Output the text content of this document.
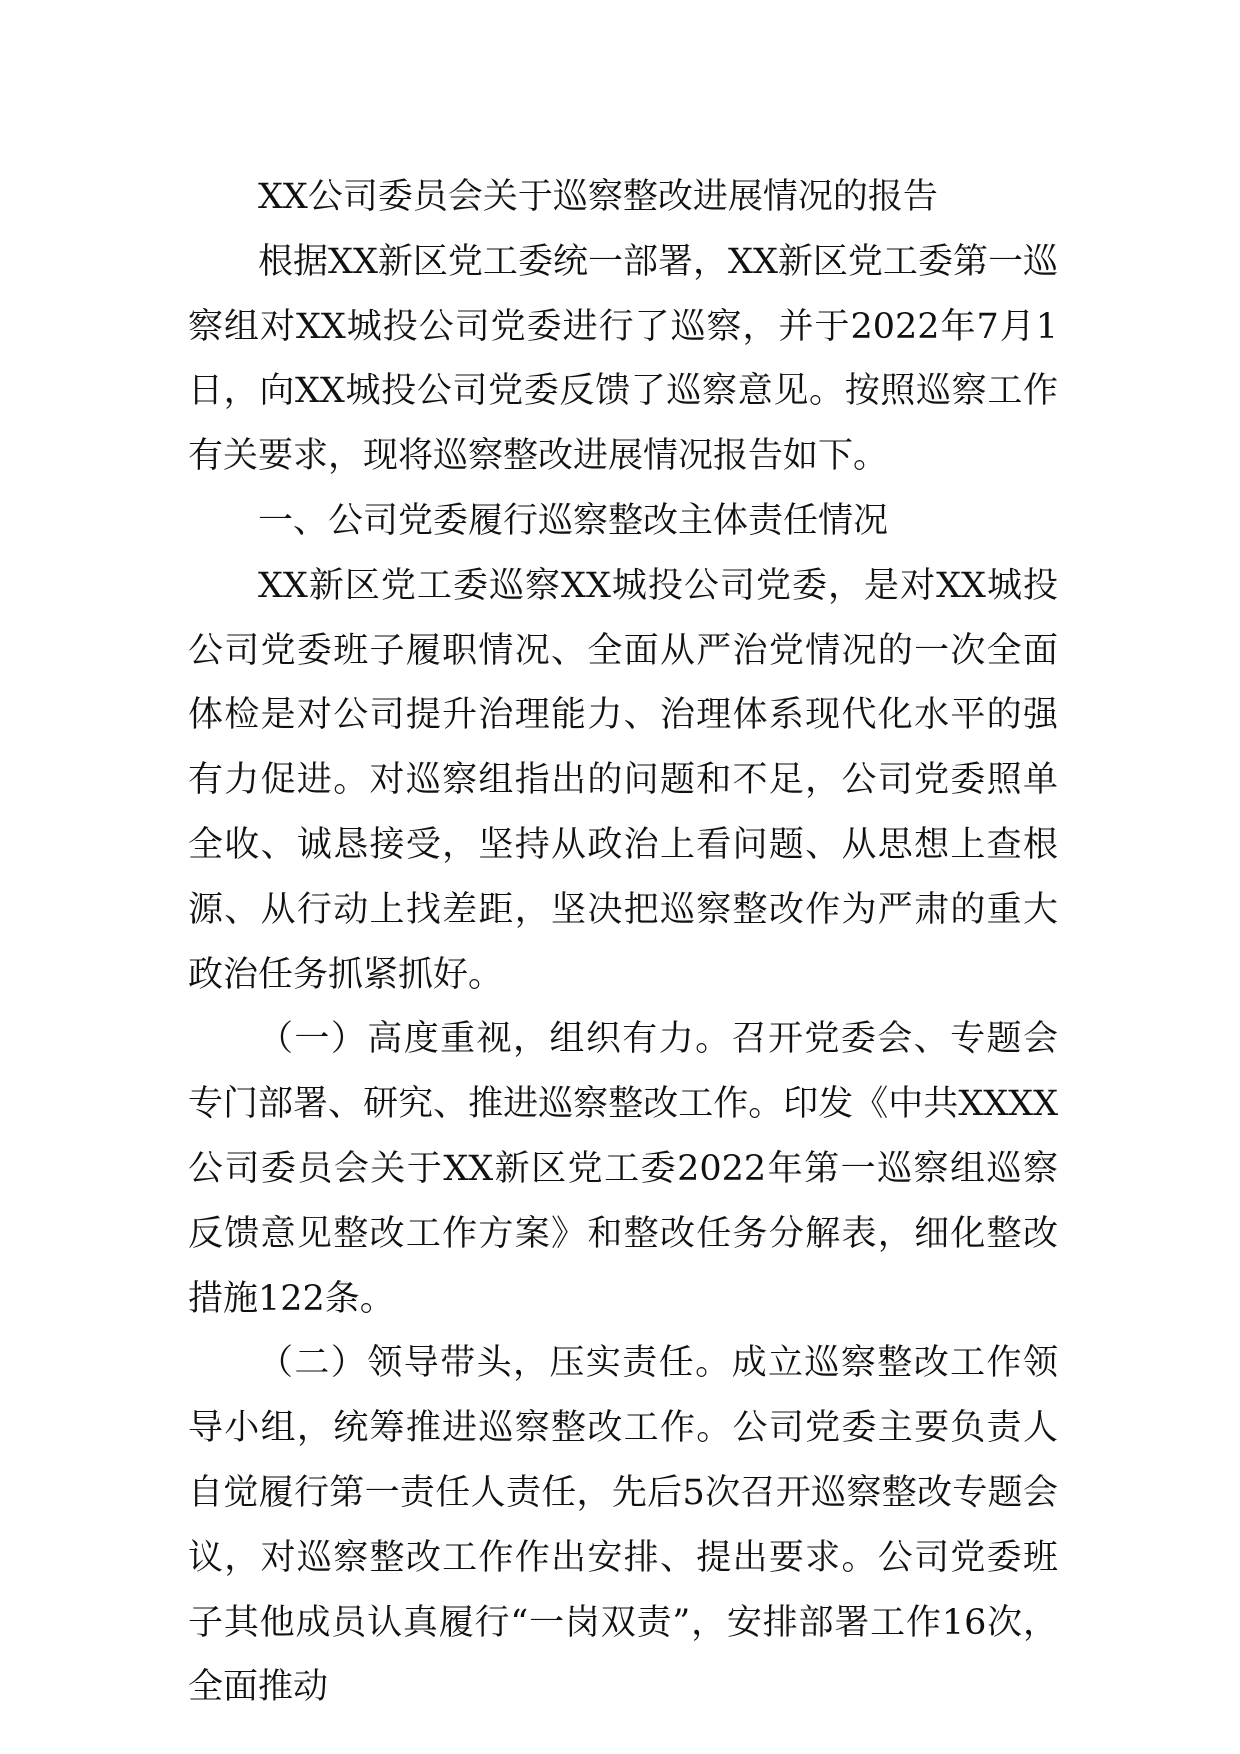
XX公司委员会关于巡察整改进展情况的报告

根据XX新区党工委统一部署，XX新区党工委第一巡察组对XX城投公司党委进行了巡察，并于2022年7月1日，向XX城投公司党委反馈了巡察意见。按照巡察工作有关要求，现将巡察整改进展情况报告如下。

一、公司党委履行巡察整改主体责任情况

XX新区党工委巡察XX城投公司党委，是对XX城投公司党委班子履职情况、全面从严治党情况的一次全面体检是对公司提升治理能力、治理体系现代化水平的强有力促进。对巡察组指出的问题和不足，公司党委照单全收、诚恳接受，坚持从政治上看问题、从思想上查根源、从行动上找差距，坚决把巡察整改作为严肃的重大政治任务抓紧抓好。

（一）高度重视，组织有力。召开党委会、专题会专门部署、研究、推进巡察整改工作。印发《中共XXXX公司委员会关于XX新区党工委2022年第一巡察组巡察反馈意见整改工作方案》和整改任务分解表，细化整改措施122条。

（二）领导带头，压实责任。成立巡察整改工作领导小组，统筹推进巡察整改工作。公司党委主要负责人自觉履行第一责任人责任，先后5次召开巡察整改专题会议，对巡察整改工作作出安排、提出要求。公司党委班子其他成员认真履行“一岗双责”，安排部署工作16次，全面推动
